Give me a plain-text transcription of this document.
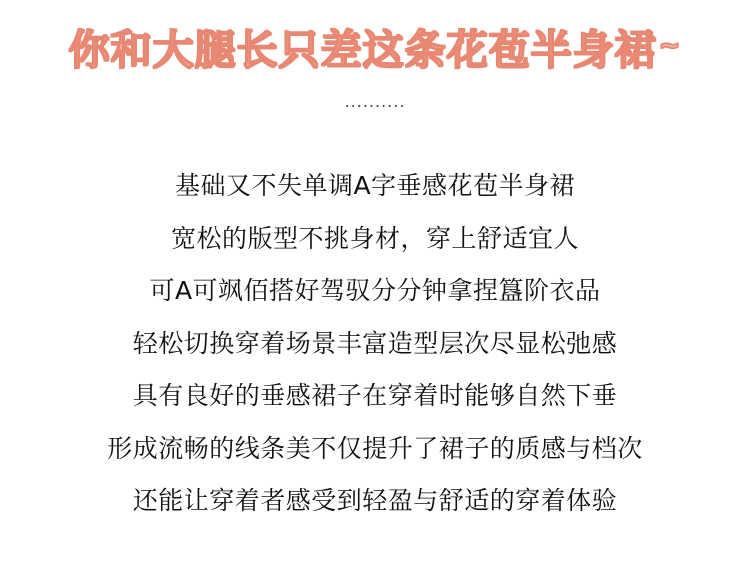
你和大腿长只差这条花苞半身裙~
..........
基础又不失单调A字垂感花苞半身裙
宽松的版型不挑身材，穿上舒适宜人
可A可飒佰搭好驾驭分分钟拿捏簋阶衣品
轻松切换穿着场景丰富造型层次尽显松弛感
具有良好的垂感裙子在穿着时能够自然下垂
形成流畅的线条美不仅提升了裙子的质感与档次
还能让穿着者感受到轻盈与舒适的穿着体验
